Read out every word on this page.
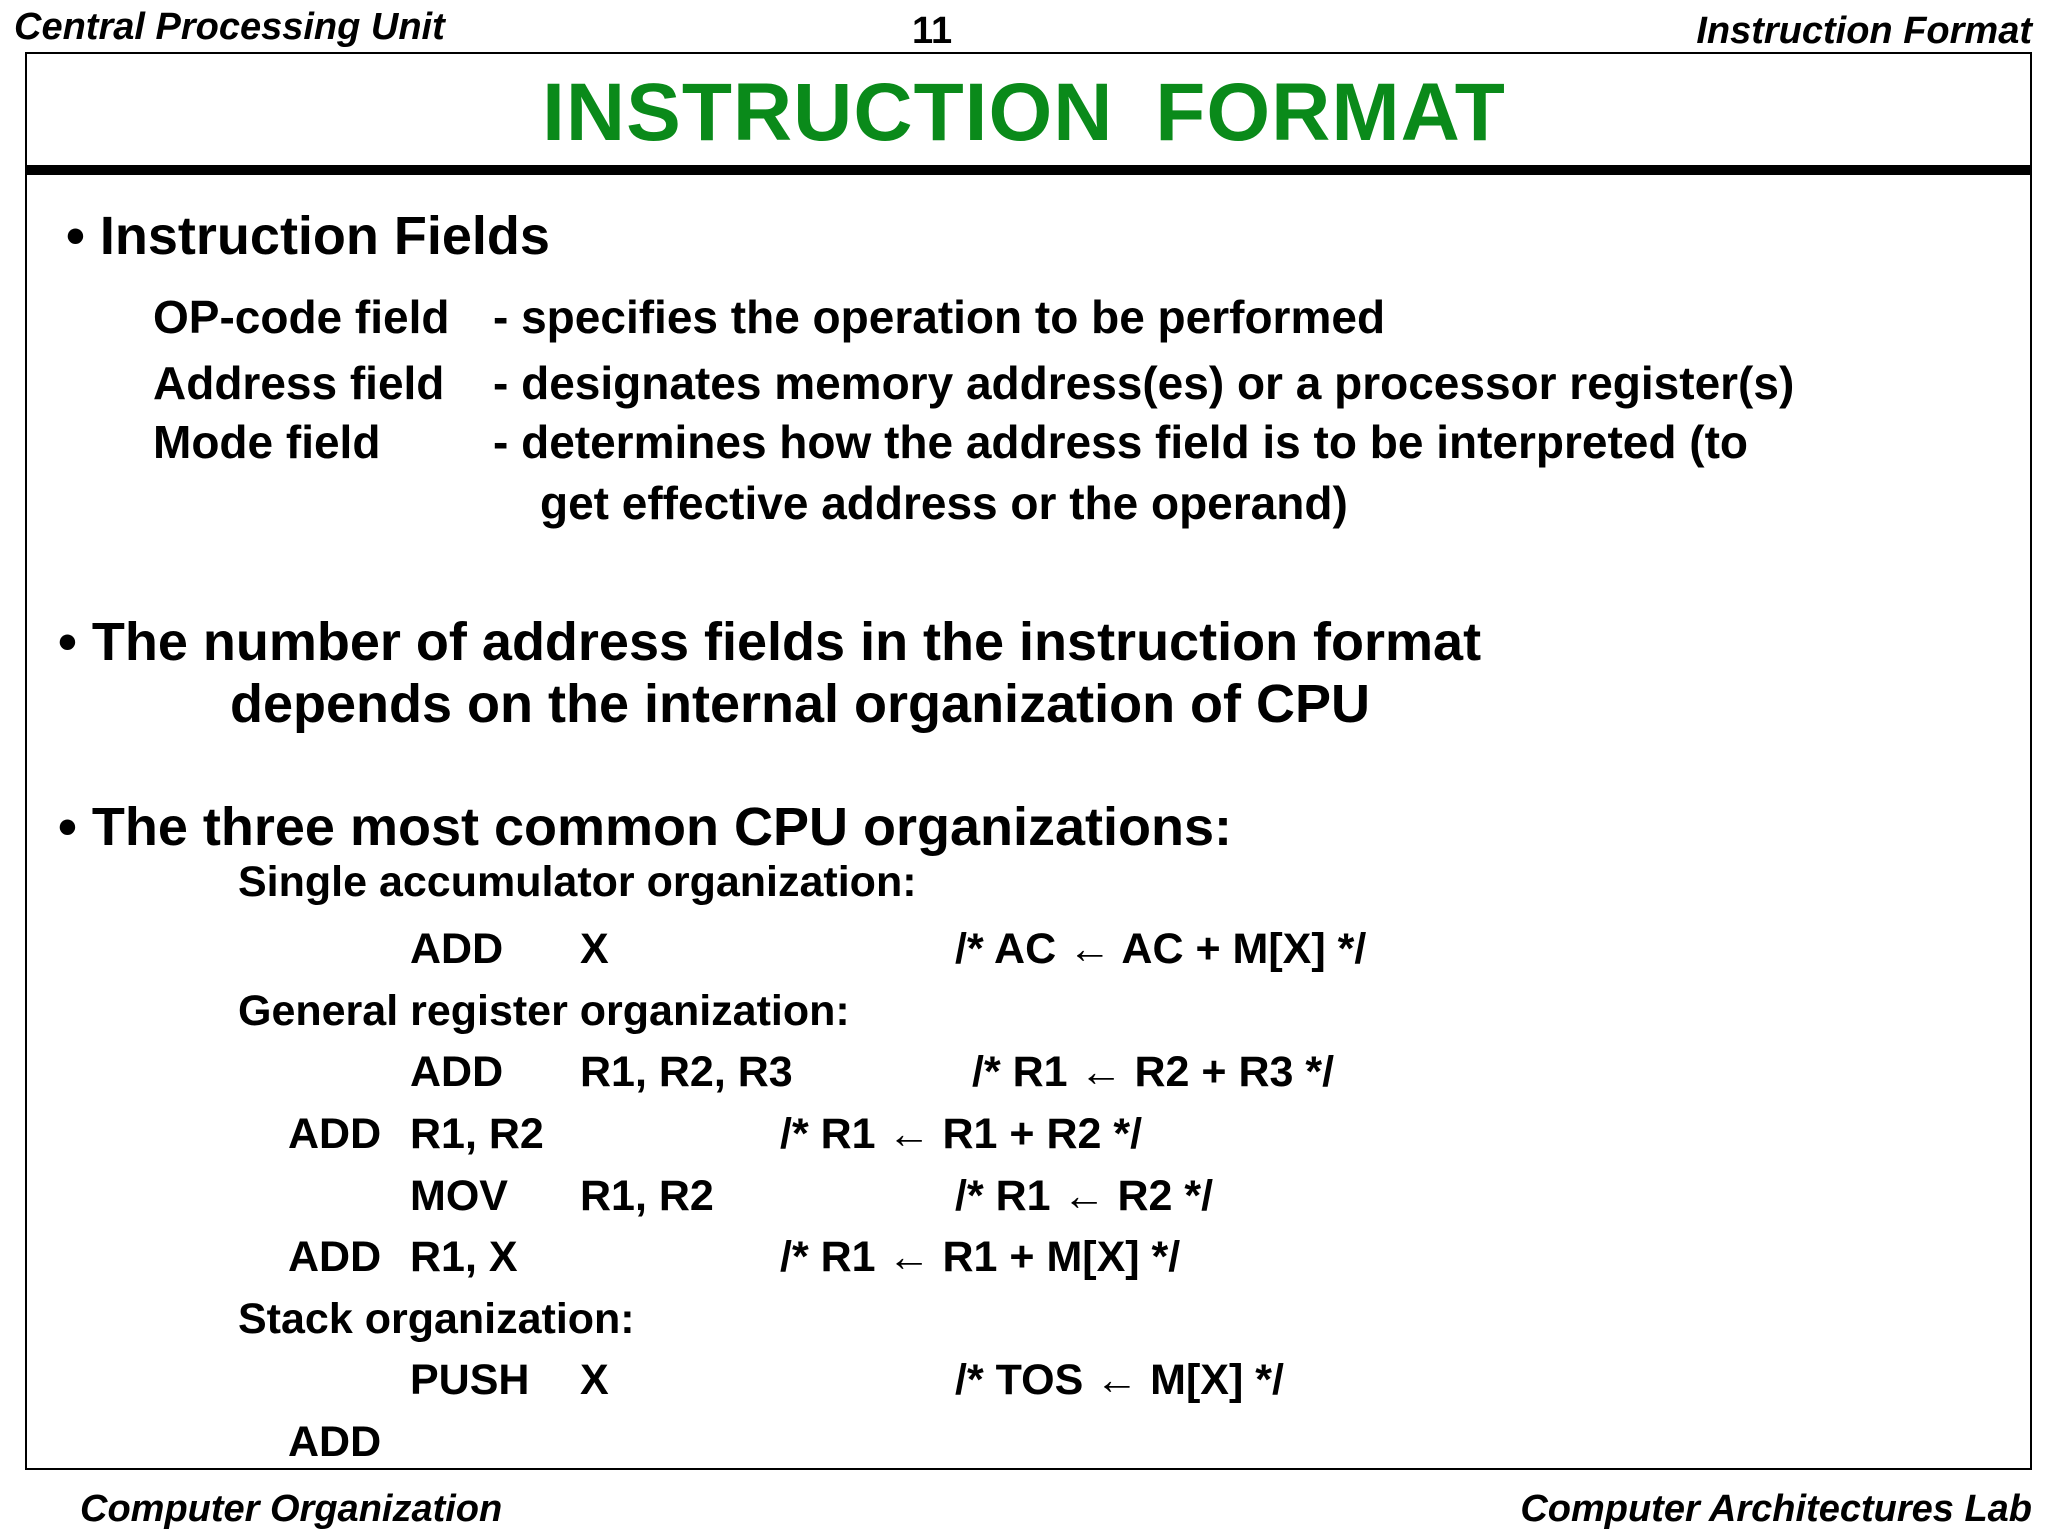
Central Processing Unit	11	Instruction Format
INSTRUCTION FORMAT
• Instruction Fields
OP-code field - specifies the operation to be performed
Address field - designates memory address(es) or a processor register(s)
Mode field - determines how the address field is to be interpreted (to
get effective address or the operand)
• The number of address fields in the instruction format
depends on the internal organization of CPU
• The three most common CPU organizations:
Single accumulator organization:
ADD X	/* AC ← AC + M[X] */
General register organization:
ADD R1, R2, R3	/* R1 ← R2 + R3 */
ADD R1, R2	/* R1 ← R1 + R2 */
MOV R1, R2	/* R1 ← R2 */
ADD R1, X	/* R1 ← R1 + M[X] */
Stack organization:
PUSH X	/* TOS ← M[X] */
ADD
Computer Organization	Computer Architectures Lab
